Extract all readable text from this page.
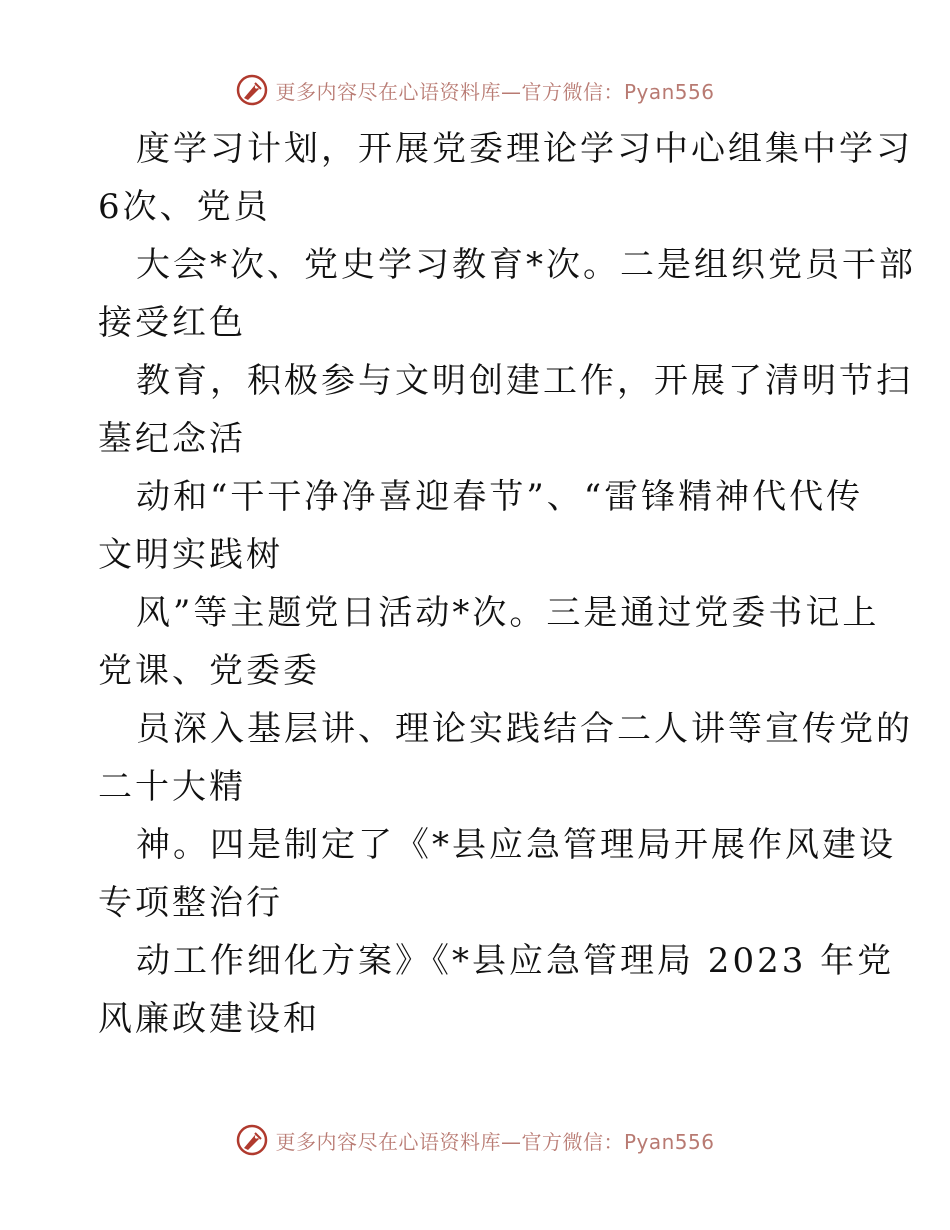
更多内容尽在心语资料库—官方微信：Pyan556
度学习计划，开展党委理论学习中心组集中学习
6次、党员
大会*次、党史学习教育*次。二是组织党员干部
接受红色
教育，积极参与文明创建工作，开展了清明节扫
墓纪念活
动和“干干净净喜迎春节”、“雷锋精神代代传
文明实践树
风”等主题党日活动*次。三是通过党委书记上
党课、党委委
员深入基层讲、理论实践结合二人讲等宣传党的
二十大精
神。四是制定了《*县应急管理局开展作风建设
专项整治行
动工作细化方案》《*县应急管理局 2023 年党
风廉政建设和
更多内容尽在心语资料库—官方微信：Pyan556
